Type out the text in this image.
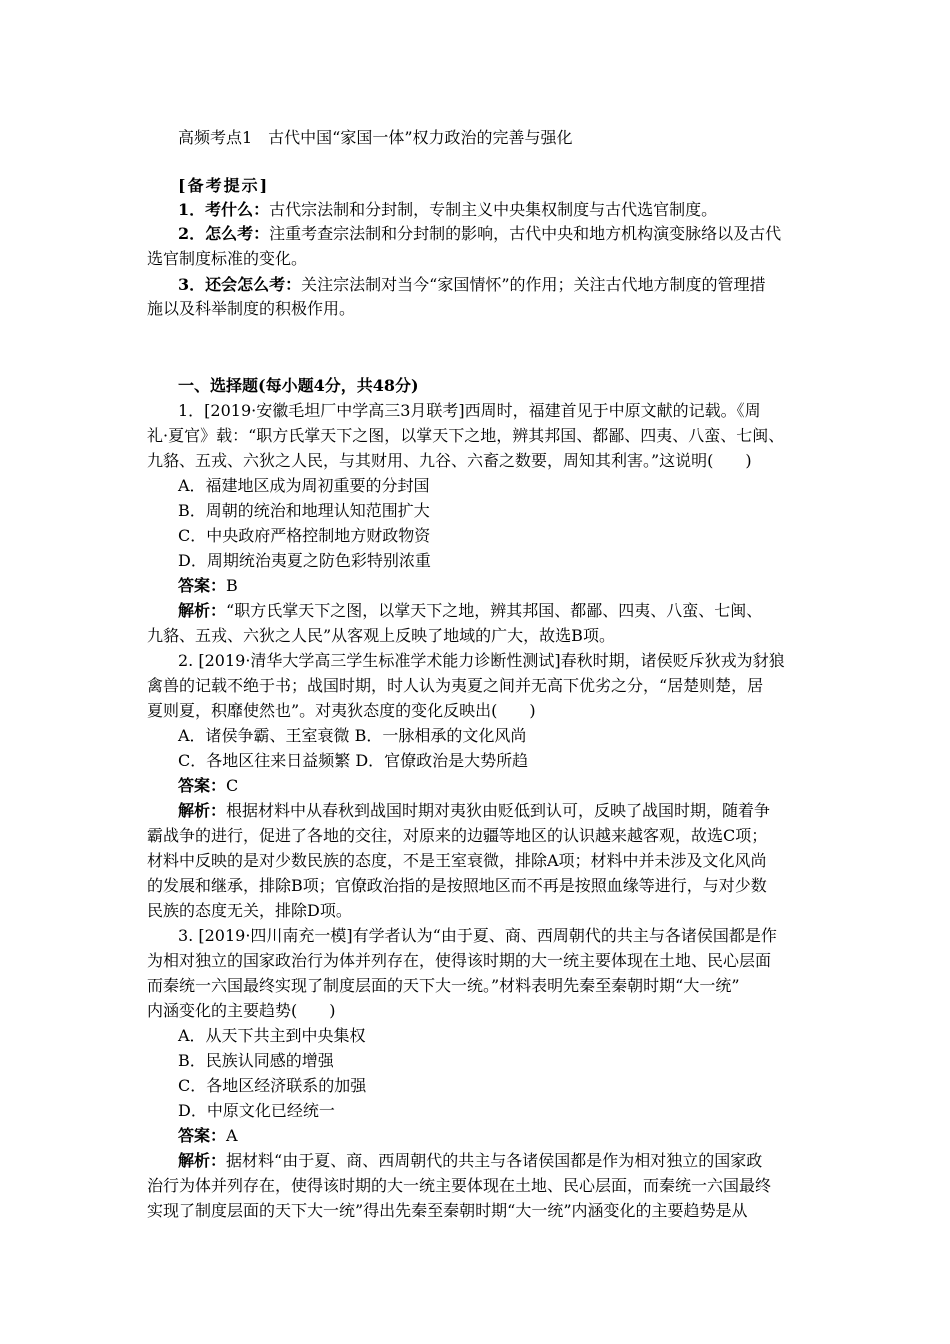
高频考点1　古代中国“家国一体”权力政治的完善与强化
[备考提示]
1．考什么：古代宗法制和分封制，专制主义中央集权制度与古代选官制度。
2．怎么考：注重考查宗法制和分封制的影响，古代中央和地方机构演变脉络以及古代
选官制度标准的变化。
3．还会怎么考：关注宗法制对当今“家国情怀”的作用；关注古代地方制度的管理措
施以及科举制度的积极作用。
一、选择题(每小题4分，共48分)
1．[2019·安徽毛坦厂中学高三3月联考]西周时，福建首见于中原文献的记载。《周
礼·夏官》载：“职方氏掌天下之图，以掌天下之地，辨其邦国、都鄙、四夷、八蛮、七闽、
九貉、五戎、六狄之人民，与其财用、九谷、六畜之数要，周知其利害。”这说明(　　)
A．福建地区成为周初重要的分封国
B．周朝的统治和地理认知范围扩大
C．中央政府严格控制地方财政物资
D．周期统治夷夏之防色彩特别浓重
答案：B
解析：“职方氏掌天下之图，以掌天下之地，辨其邦国、都鄙、四夷、八蛮、七闽、
九貉、五戎、六狄之人民”从客观上反映了地域的广大，故选B项。
2. [2019·清华大学高三学生标准学术能力诊断性测试]春秋时期，诸侯贬斥狄戎为豺狼
禽兽的记载不绝于书；战国时期，时人认为夷夏之间并无高下优劣之分，“居楚则楚，居
夏则夏，积靡使然也”。对夷狄态度的变化反映出(　　)
A．诸侯争霸、王室衰微 B．一脉相承的文化风尚
C．各地区往来日益频繁 D．官僚政治是大势所趋
答案：C
解析：根据材料中从春秋到战国时期对夷狄由贬低到认可，反映了战国时期，随着争
霸战争的进行，促进了各地的交往，对原来的边疆等地区的认识越来越客观，故选C项；
材料中反映的是对少数民族的态度，不是王室衰微，排除A项；材料中并未涉及文化风尚
的发展和继承，排除B项；官僚政治指的是按照地区而不再是按照血缘等进行，与对少数
民族的态度无关，排除D项。
3. [2019·四川南充一模]有学者认为“由于夏、商、西周朝代的共主与各诸侯国都是作
为相对独立的国家政治行为体并列存在，使得该时期的大一统主要体现在土地、民心层面
而秦统一六国最终实现了制度层面的天下大一统。”材料表明先秦至秦朝时期“大一统”
内涵变化的主要趋势(　　)
A．从天下共主到中央集权
B．民族认同感的增强
C．各地区经济联系的加强
D．中原文化已经统一
答案：A
解析：据材料“由于夏、商、西周朝代的共主与各诸侯国都是作为相对独立的国家政
治行为体并列存在，使得该时期的大一统主要体现在土地、民心层面，而秦统一六国最终
实现了制度层面的天下大一统”得出先秦至秦朝时期“大一统”内涵变化的主要趋势是从
